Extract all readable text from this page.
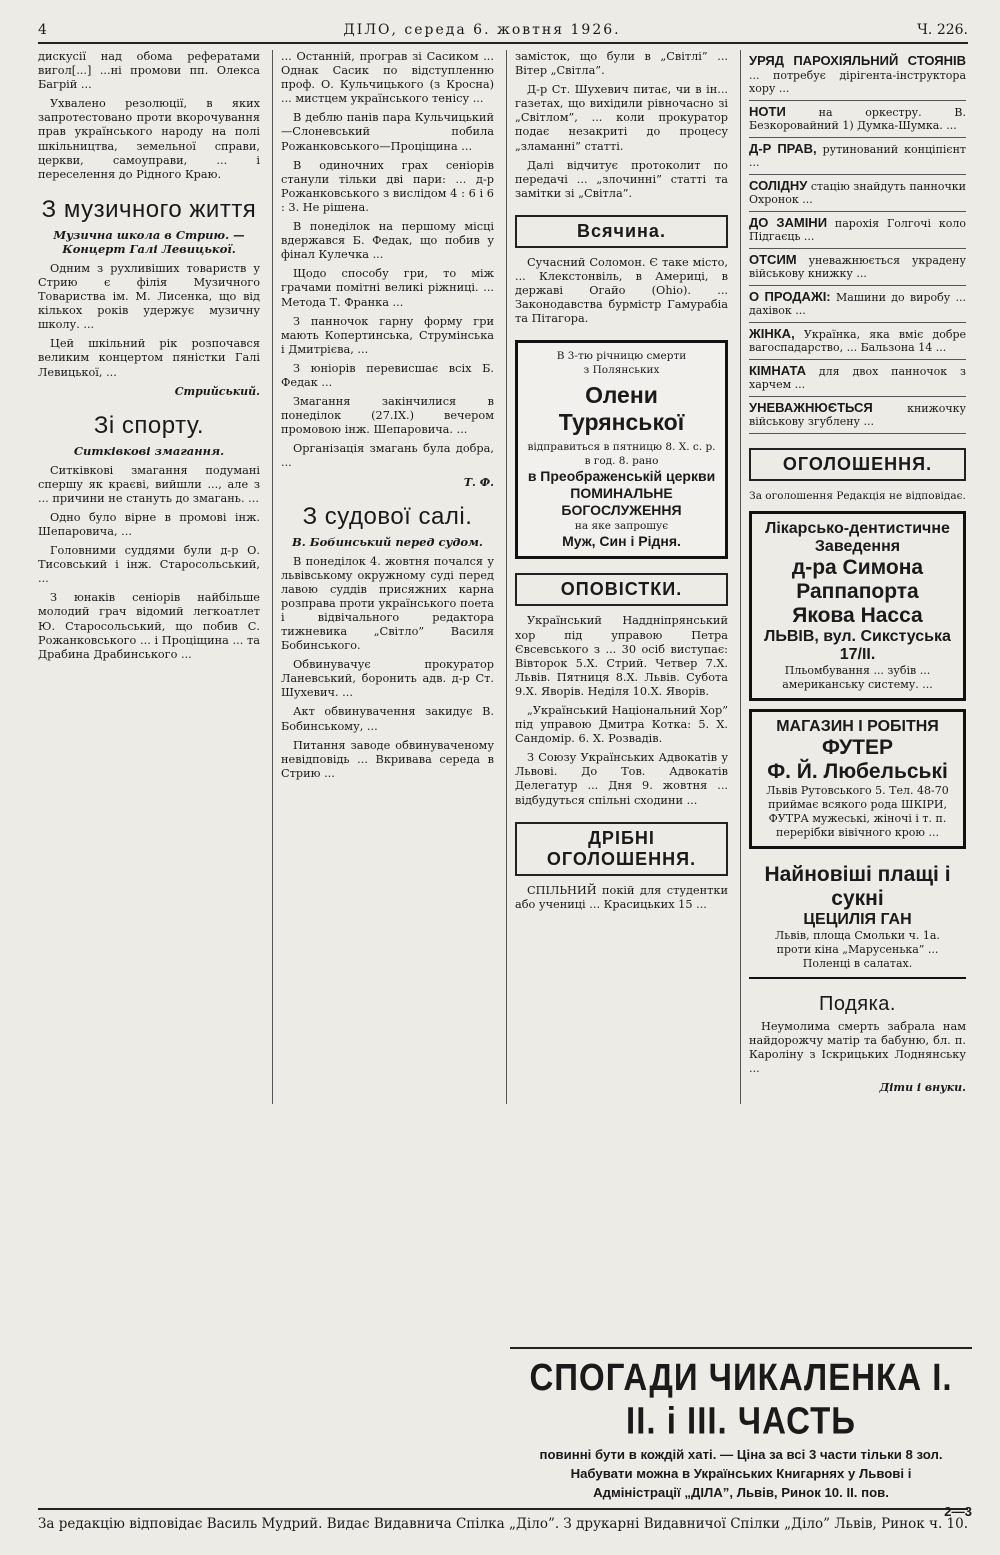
4	ДІЛО, середа 6. жовтня 1926.	Ч. 226.

дискусії над обома рефератами вигол[...] ...ні промови пп. Олекса Багрій ...

Ухвалено резолюції, в яких запротестовано проти вкорочування прав українського народу на полі шкільництва, земельної справи, церкви, самоуправи, ... і переселення до Рідного Краю.

З музичного життя
Музична школа в Стрию. — Концерт Галі Левицької.

Одним з рухливіших товариств у Стрию є філія Музичного Товариства ім. М. Лисенка, що від кількох років удержує музичну школу. ...

Цей шкільний рік розпочався великим концертом пяністки Галі Левицької, ...

Стрийський.
Зі спорту.
Ситківкові змагання.

Ситківкові змагання подумані спершу як краєві, вийшли ..., але з ... причини не стануть до змагань. ...

Одно було вірне в промові інж. Шепаровича, ...

Головними суддями були д-р О. Тисовський і інж. Старосольський, ...

З юнаків сеніорів найбільше молодий грач відомий легкоатлет Ю. Старосольський, що побив С. Рожанковського ... і Проціщина ... та Драбина Драбинського ...

... Останній, програв зі Сасиком ... Однак Сасик по відступленню проф. О. Кульчицького (з Кросна) ... мистцем українського тенісу ...

В деблю панів пара Кульчицький—Слоневський побила Рожанковського—Проціщина ...

В одиночних грах сеніорів станули тільки дві пари: ... д-р Рожанковського з вислідом 4 : 6 і 6 : 3. Не рішена.

В понеділок на першому місці вдержався Б. Федак, що побив у фінал Кулечка ...

Щодо способу гри, то між грачами помітні великі ріжниці. ... Метода Т. Франка ...

З панночок гарну форму гри мають Копертинська, Струмінська і Дмитрієва, ...

З юніорів перевисшає всіх Б. Федак ...

Змагання закінчилися в понеділок (27.IX.) вечером промовою інж. Шепаровича. ...

Організація змагань була добра, ...

Т. Ф.
З судової салі.
В. Бобинський перед судом.

В понеділок 4. жовтня почался у львівському окружному суді перед лавою суддів присяжних карна розправа проти українського поета і відвічального редактора тижневика „Світло” Василя Бобинського.

Обвинувачує прокуратор Ланевський, боронить адв. д-р Ст. Шухевич. ...

Акт обвинувачення закидує В. Бобинському, ...

Питання заводе обвинуваченому невідповідь ... Вкривава середа в Стрию ...

замісток, що були в „Світлі” ... Вітер „Світла”.

Д-р Ст. Шухевич питає, чи в ін... газетах, що вихідили рівночасно зі „Світлом”, ... коли прокуратор подає незакриті до процесу „зламанні” статті.

Далі відчитує протоколит по передачі ... „злочинні” статті та замітки зі „Світла”.

Всячина.

Сучасний Соломон. Є таке місто, ... Клекстонвіль, в Америці, в державі Огайо (Ohio). ... Законодавства бурмістр Гамурабіа та Пітагора.

В 3-тю річницю смерти
з Полянських
Олени Турянської
відправиться в пятницю 8. Х. с. р.
в год. 8. рано
в Преображенській церкви
ПОМИНАЛЬНЕ БОГОСЛУЖЕННЯ
на яке запрошує
Муж, Син і Рідня.
ОПОВІСТКИ.

Український Наддніпрянський хор під управою Петра Євсевського з ... 30 осіб виступає: Вівторок 5.Х. Стрий. Четвер 7.Х. Львів. Пятниця 8.Х. Львів. Субота 9.Х. Яворів. Неділя 10.Х. Яворів.

„Український Національний Хор” під управою Дмитра Котка: 5. Х. Сандомір. 6. Х. Розвадів.

З Союзу Українських Адвокатів у Львові. До Тов. Адвокатів Делегатур ... Дня 9. жовтня ... відбудуться спільні сходини ...

ДРІБНІ ОГОЛОШЕННЯ.

СПІЛЬНИЙ покій для студентки або учениці ... Красицьких 15 ...

УРЯД ПАРОХІЯЛЬНИЙ СТОЯНІВ ... потребує дірігента-інструктора хору ...

НОТИ	на оркестру. В. Безкоровайний 1) Думка-Шумка. ...

Д-Р ПРАВ, рутинований конціпієнт ...

СОЛІДНУ стацію знайдуть панночки Охронок ...

ДО ЗАМІНИ парохія Голгочі коло Підгаєць ...

ОТСИМ уневажнюється украдену військову книжку ...

О ПРОДАЖІ: Машини до виробу ... дахівок ...

ЖІНКА, Українка, яка вміє добре вагоспадарство, ... Бальзона 14 ...

КІМНАТА для двох панночок з харчем ...

УНЕВАЖНЮЄТЬСЯ	книжочку військову згублену ...

ОГОЛОШЕННЯ.

За оголошення Редакція не відповідає.

Лікарсько-дентистичне Заведення
д-ра Симона Раппапорта
Якова Насса
ЛЬВІВ, вул. Сикстуська 17/ІІ.
Пльомбування ... зубів ... американську систему. ...
МАГАЗИН І РОБІТНЯ
ФУТЕР
Ф. Й. Любельські
Львів Рутовського 5. Тел. 48-70
приймає всякого рода ШКІРИ,
ФУТРА мужеські, жіночі і т. п.
перерібки вівічного крою ...
Найновіші плащі і сукні
ЦЕЦИЛІЯ ГАН
Львів, площа Смольки ч. 1а.
проти кіна „Марусенька” ...
Поленці в салатах.
Подяка.

Неумолима смерть забрала нам найдорожчу матір та бабуню, бл. п. Кароліну з Іскрицьких Лоднянську ...

Діти і внуки.
СПОГАДИ ЧИКАЛЕНКА І. ІІ. і ІІІ. ЧАСТЬ
повинні бути в кождій хаті. — Ціна за всі 3 части тільки 8 зол.
Набувати можна в Українських Книгарнях у Львові і
Адміністрації „ДІЛА”, Львів, Ринок 10. ІІ. пов.
2—3
За редакцію відповідає Василь Мудрий. Видає Видавнича Спілка „Діло”. З друкарні Видавничої Спілки „Діло” Львів, Ринок ч. 10.
